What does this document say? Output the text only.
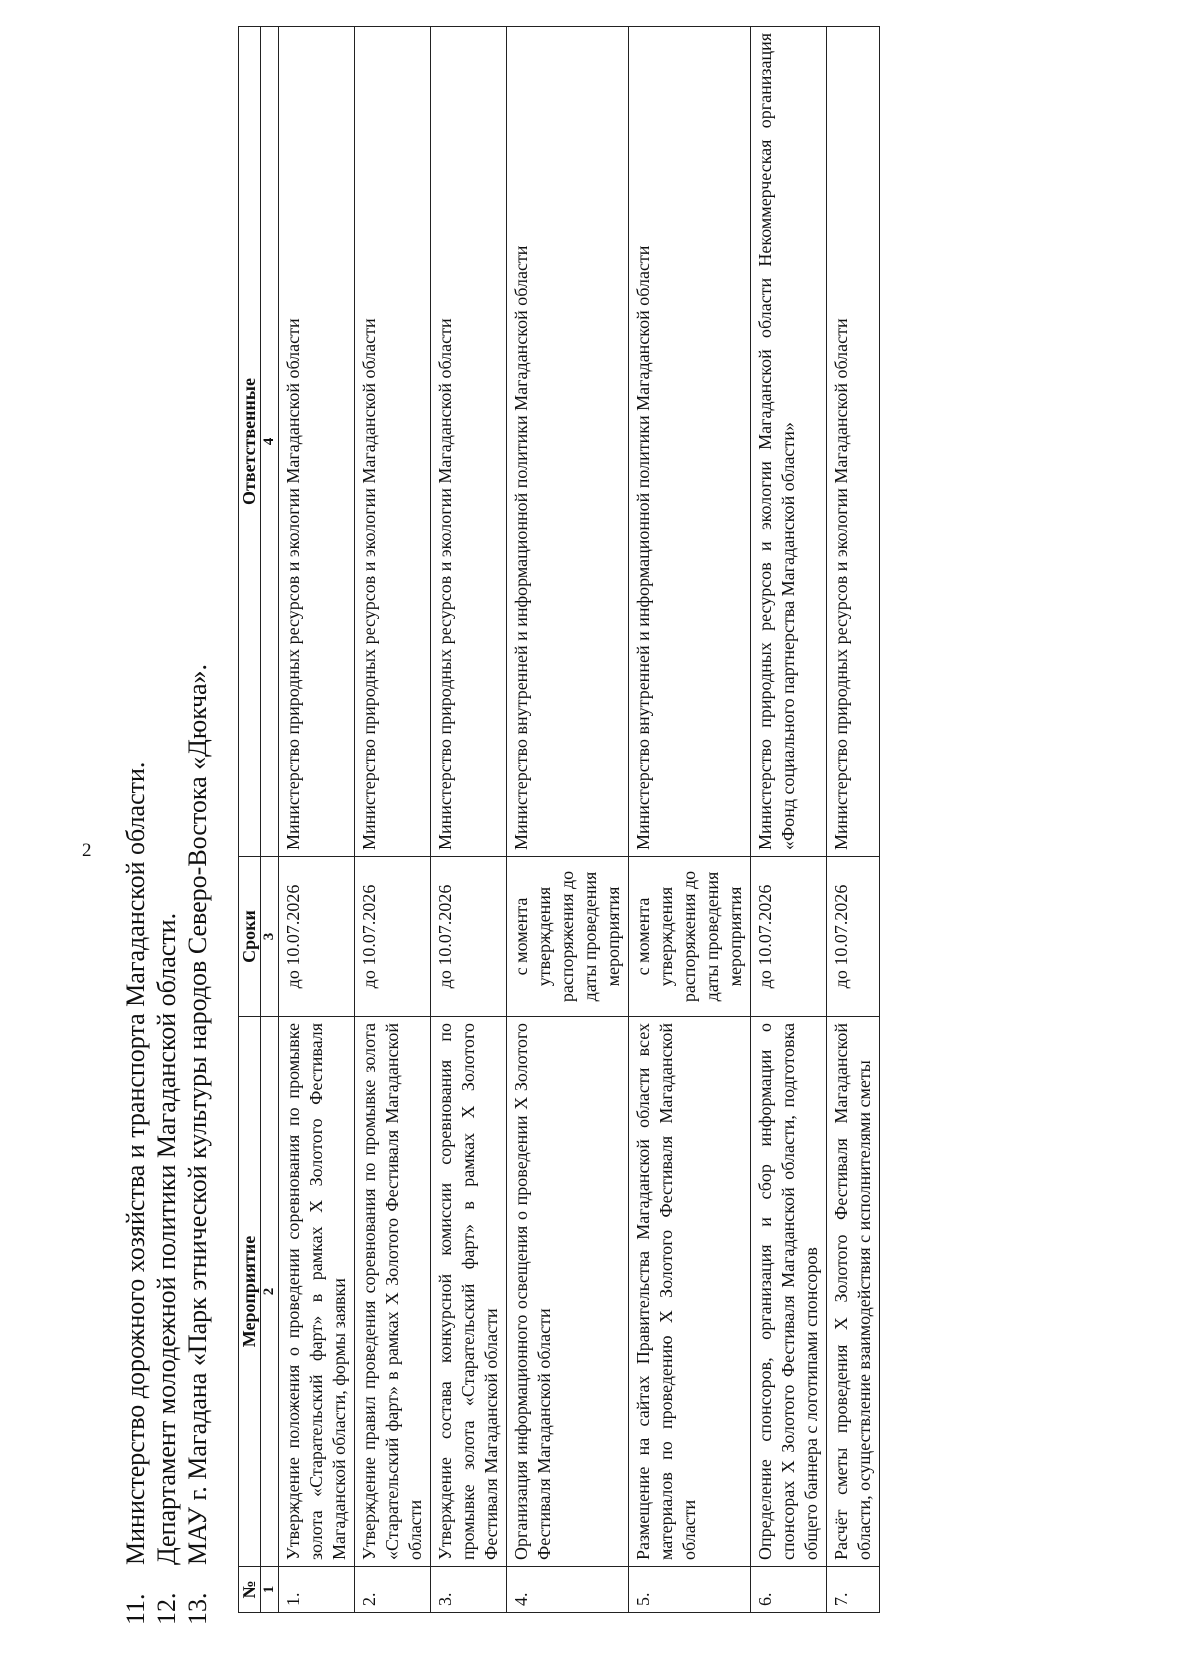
2
11.
Министерство дорожного хозяйства и транспорта Магаданской области.
12.
Департамент молодежной политики Магаданской области.
13.
МАУ г. Магадана «Парк этнической культуры народов Северо-Востока «Дюкча».
№	Мероприятие	Сроки	Ответственные
1	2	3	4
1.	Утверждение положения о проведении соревнования по промывке золота «Старательский фарт» в рамках X Золотого Фестиваля Магаданской области, формы заявки	до 10.07.2026	Министерство природных ресурсов и экологии Магаданской области
2.	Утверждение правил проведения соревнования по промывке золота «Старательский фарт» в рамках X Золотого Фестиваля Магаданской области	до 10.07.2026	Министерство природных ресурсов и экологии Магаданской области
3.	Утверждение состава конкурсной комиссии соревнования по промывке золота «Старательский фарт» в рамках X Золотого Фестиваля Магаданской области	до 10.07.2026	Министерство природных ресурсов и экологии Магаданской области
4.	Организация информационного освещения о проведении X Золотого Фестиваля Магаданской области	с момента утверждения распоряжения до даты проведения мероприятия	Министерство внутренней и информационной политики Магаданской области
5.	Размещение на сайтах Правительства Магаданской области всех материалов по проведению X Золотого Фестиваля Магаданской области	с момента утверждения распоряжения до даты проведения мероприятия	Министерство внутренней и информационной политики Магаданской области
6.	Определение спонсоров, организация и сбор информации о спонсорах X Золотого Фестиваля Магаданской области, подготовка общего баннера с логотипами спонсоров	до 10.07.2026	Министерство природных ресурсов и экологии Магаданской области Некоммерческая организация «Фонд социального партнерства Магаданской области»
7.	Расчёт сметы проведения X Золотого Фестиваля Магаданской области, осуществление взаимодействия с исполнителями сметы	до 10.07.2026	Министерство природных ресурсов и экологии Магаданской области
